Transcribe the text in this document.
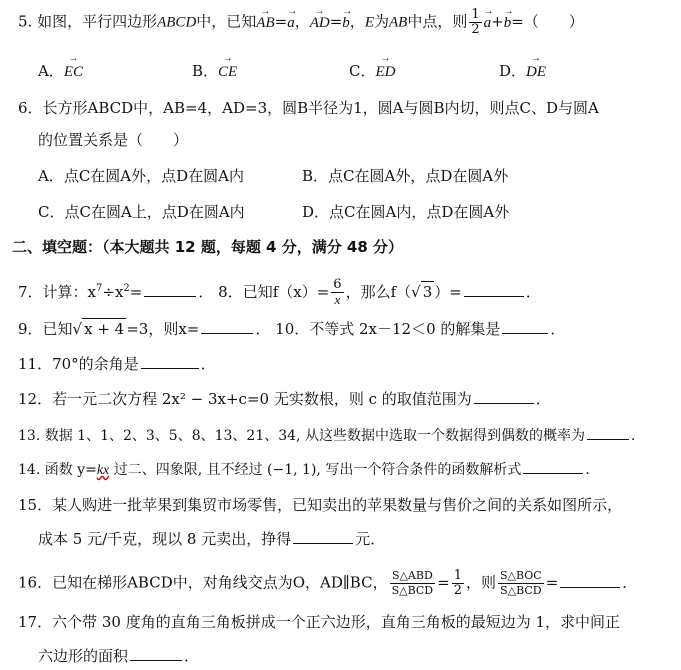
5. 如图，平行四边形ABCD中，已知→ AB=→ a，→ AD=→ b，E为AB中点，则 $\frac{1}{2}$
→ a+→ b=（　　）
A．→ EC	B．→ CE	C．→ ED	D．→ DE
6．长方形ABCD中，AB=4，AD=3，圆B半径为1，圆A与圆B内切，则点C、D与圆A
的位置关系是（　　）
A．点C在圆A外，点D在圆A内	B．点C在圆A外，点D在圆A外
C．点C在圆A上，点D在圆A内	D．点C在圆A内，点D在圆A外
二、填空题：（本大题共 12 题，每题 4 分，满分 48 分）
7．计算：$x^7\div x^2=$	． 8．已知$f(x)= \frac{6}{x}$ ，那么f（√ 3 ）=	．
9．已知√ x + 4 =3，则x=	． 10．不等式 2x－12＜0 的解集是	．
11．70°的余角是	．
12．若一元二次方程 2x² − 3x+c=0 无实数根，则 c 的取值范围为	．
13. 数据 1、1、2、3、5、8、13、21、34, 从这些数据中选取一个数据得到偶数的概率为	．
14. 函数 y=kx 过二、四象限, 且不经过 (−1, 1), 写出一个符合条件的函数解析式	．
15．某人购进一批苹果到集贸市场零售，已知卖出的苹果数量与售价之间的关系如图所示，
成本 5 元/千克，现以 8 元卖出，挣得	元．
16．已知在梯形ABCD中，对角线交点为O，AD∥BC， $\frac{\text{S△ABD}}{\text{S△BCD}} = \frac{1}{2}$ ，则 $\frac{\text{S△BOC}}{\text{S△BCD}}$ =	．
17．六个带 30 度角的直角三角板拼成一个正六边形，直角三角板的最短边为 1，求中间正
六边形的面积	．
